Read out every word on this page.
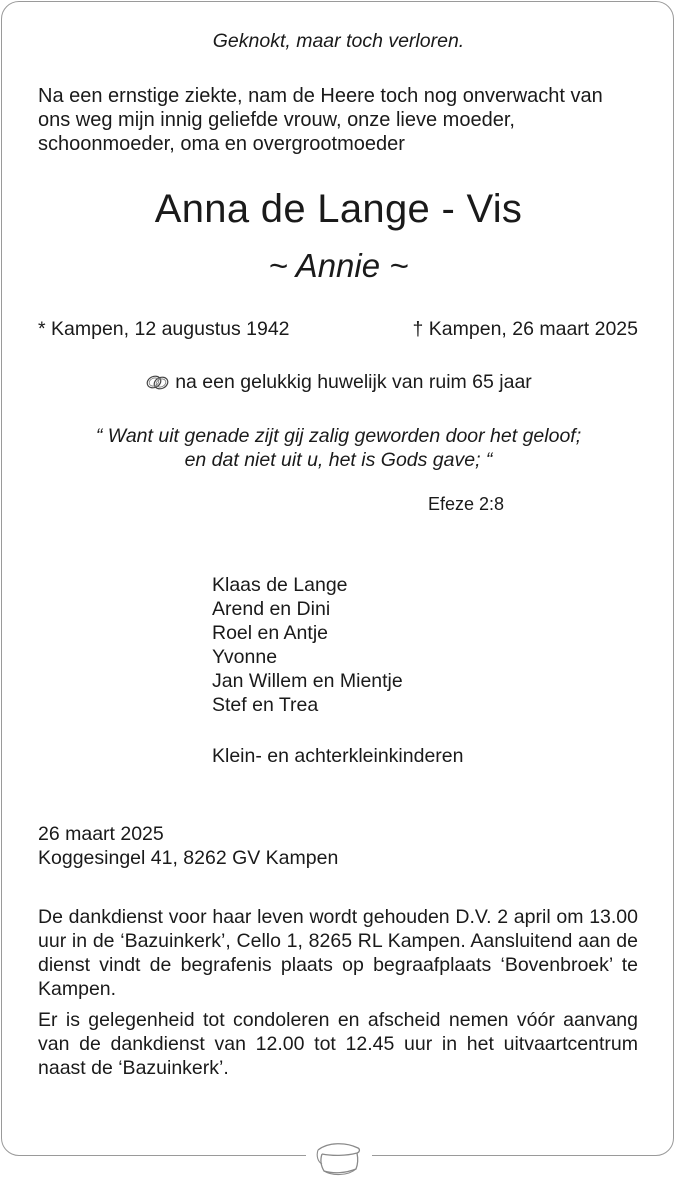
Geknokt, maar toch verloren.

Na een ernstige ziekte, nam de Heere toch nog onverwacht van ons weg mijn innig geliefde vrouw, onze lieve moeder, schoonmoeder, oma en overgrootmoeder

Anna de Lange - Vis

~ Annie ~

* Kampen, 12 augustus 1942	† Kampen, 26 maart 2025

na een gelukkig huwelijk van ruim 65 jaar

“ Want uit genade zijt gij zalig geworden door het geloof;
en dat niet uit u, het is Gods gave; “

Efeze 2:8

Klaas de Lange
Arend en Dini
Roel en Antje
Yvonne
Jan Willem en Mientje
Stef en Trea

Klein- en achterkleinkinderen

26 maart 2025
Koggesingel 41, 8262 GV Kampen

De dankdienst voor haar leven wordt gehouden D.V. 2 april om 13.00 uur in de ‘Bazuinkerk’, Cello 1, 8265 RL Kampen. Aansluitend aan de dienst vindt de begrafenis plaats op begraafplaats ‘Bovenbroek’ te Kampen.

Er is gelegenheid tot condoleren en afscheid nemen vóór aanvang van de dankdienst van 12.00 tot 12.45 uur in het uitvaartcentrum naast de ‘Bazuinkerk’.
